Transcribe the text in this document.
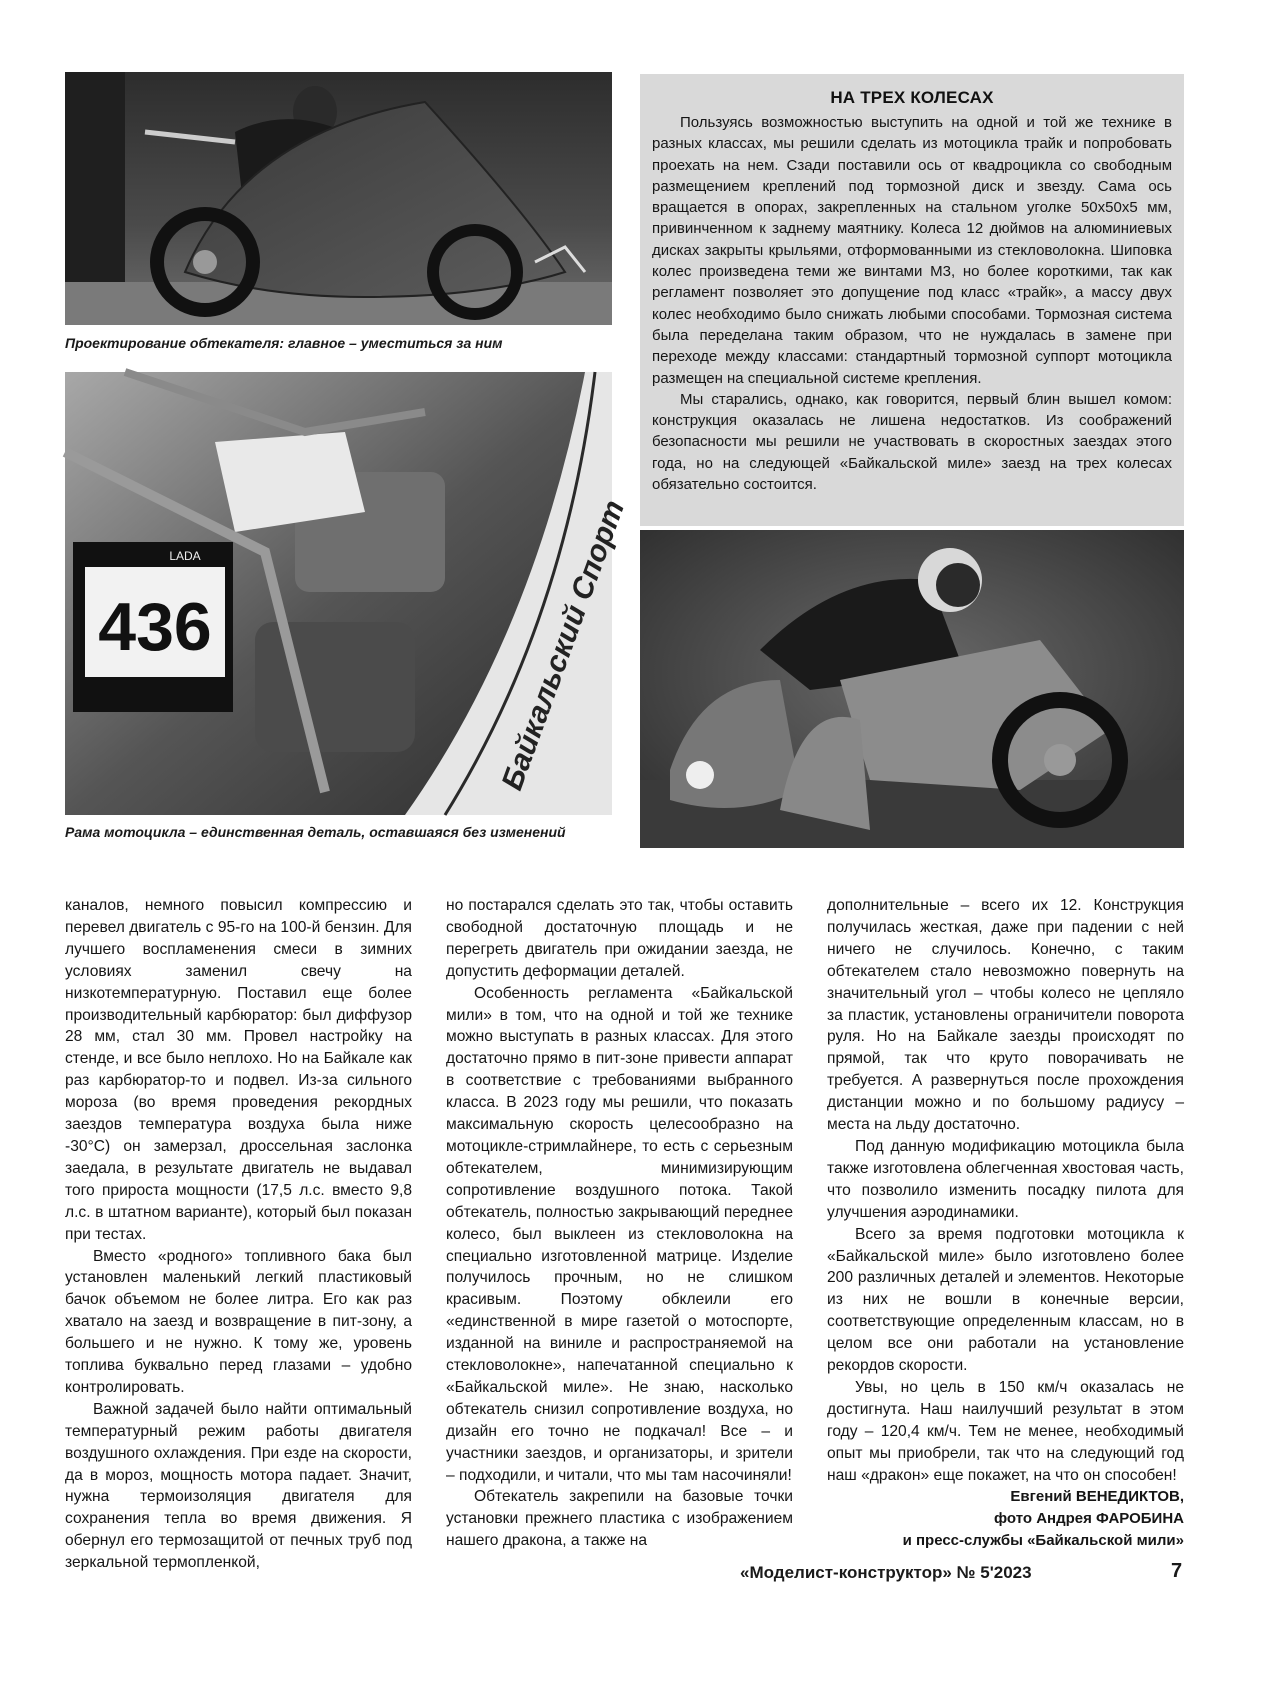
Проектирование обтекателя: главное – уместиться за ним
436
LADA	Байкальский Спорт
Рама мотоцикла – единственная деталь, оставшаяся без изменений
НА ТРЕХ КОЛЕСАХ

Пользуясь возможностью выступить на одной и той же технике в разных классах, мы решили сделать из мотоцикла трайк и попробовать проехать на нем. Сзади поставили ось от квадроцикла со свободным размещением креплений под тормозной диск и звезду. Сама ось вращается в опорах, закрепленных на стальном уголке 50х50х5 мм, привинченном к заднему маятнику. Колеса 12 дюймов на алюминиевых дисках закрыты крыльями, отформованными из стекловолокна. Шиповка колес произведена теми же винтами М3, но более короткими, так как регламент позволяет это допущение под класс «трайк», а массу двух колес необходимо было снижать любыми способами. Тормозная система была переделана таким образом, что не нуждалась в замене при переходе между классами: стандартный тормозной суппорт мотоцикла размещен на специальной системе крепления.

Мы старались, однако, как говорится, первый блин вышел комом: конструкция оказалась не лишена недостатков. Из соображений безопасности мы решили не участвовать в скоростных заездах этого года, но на следующей «Байкальской миле» заезд на трех колесах обязательно состоится.

каналов, немного повысил компрессию и перевел двигатель с 95-го на 100-й бензин. Для лучшего воспламенения смеси в зимних условиях заменил свечу на низкотемпературную. Поставил еще более производительный карбюратор: был диффузор 28 мм, стал 30 мм. Провел настройку на стенде, и все было неплохо. Но на Байкале как раз карбюратор-то и подвел. Из-за сильного мороза (во время проведения рекордных заездов температура воздуха была ниже -30°С) он замерзал, дроссельная заслонка заедала, в результате двигатель не выдавал того прироста мощности (17,5 л.с. вместо 9,8 л.с. в штатном варианте), который был показан при тестах.

Вместо «родного» топливного бака был установлен маленький легкий пластиковый бачок объемом не более литра. Его как раз хватало на заезд и возвращение в пит-зону, а большего и не нужно. К тому же, уровень топлива буквально перед глазами – удобно контролировать.

Важной задачей было найти оптимальный температурный режим работы двигателя воздушного охлаждения. При езде на скорости, да в мороз, мощность мотора падает. Значит, нужна термоизоляция двигателя для сохранения тепла во время движения. Я обернул его термозащитой от печных труб под зеркальной термопленкой,

но постарался сделать это так, чтобы оставить свободной достаточную площадь и не перегреть двигатель при ожидании заезда, не допустить деформации деталей.

Особенность регламента «Байкальской мили» в том, что на одной и той же технике можно выступать в разных классах. Для этого достаточно прямо в пит-зоне привести аппарат в соответствие с требованиями выбранного класса. В 2023 году мы решили, что показать максимальную скорость целесообразно на мотоцикле-стримлайнере, то есть с серьезным обтекателем, минимизирующим сопротивление воздушного потока. Такой обтекатель, полностью закрывающий переднее колесо, был выклеен из стекловолокна на специально изготовленной матрице. Изделие получилось прочным, но не слишком красивым. Поэтому обклеили его «единственной в мире газетой о мотоспорте, изданной на виниле и распространяемой на стекловолокне», напечатанной специально к «Байкальской миле». Не знаю, насколько обтекатель снизил сопротивление воздуха, но дизайн его точно не подкачал! Все – и участники заездов, и организаторы, и зрители – подходили, и читали, что мы там насочиняли!

Обтекатель закрепили на базовые точки установки прежнего пластика с изображением нашего дракона, а также на

дополнительные – всего их 12. Конструкция получилась жесткая, даже при падении с ней ничего не случилось. Конечно, с таким обтекателем стало невозможно повернуть на значительный угол – чтобы колесо не цепляло за пластик, установлены ограничители поворота руля. Но на Байкале заезды происходят по прямой, так что круто поворачивать не требуется. А развернуться после прохождения дистанции можно и по большому радиусу – места на льду достаточно.

Под данную модификацию мотоцикла была также изготовлена облегченная хвостовая часть, что позволило изменить посадку пилота для улучшения аэродинамики.

Всего за время подготовки мотоцикла к «Байкальской миле» было изготовлено более 200 различных деталей и элементов. Некоторые из них не вошли в конечные версии, соответствующие определенным классам, но в целом все они работали на установление рекордов скорости.

Увы, но цель в 150 км/ч оказалась не достигнута. Наш наилучший результат в этом году – 120,4 км/ч. Тем не менее, необходимый опыт мы приобрели, так что на следующий год наш «дракон» еще покажет, на что он способен!

Евгений ВЕНЕДИКТОВ,
фото Андрея ФАРОБИНА
и пресс-службы «Байкальской мили»
«Моделист-конструктор» № 5'2023	7
